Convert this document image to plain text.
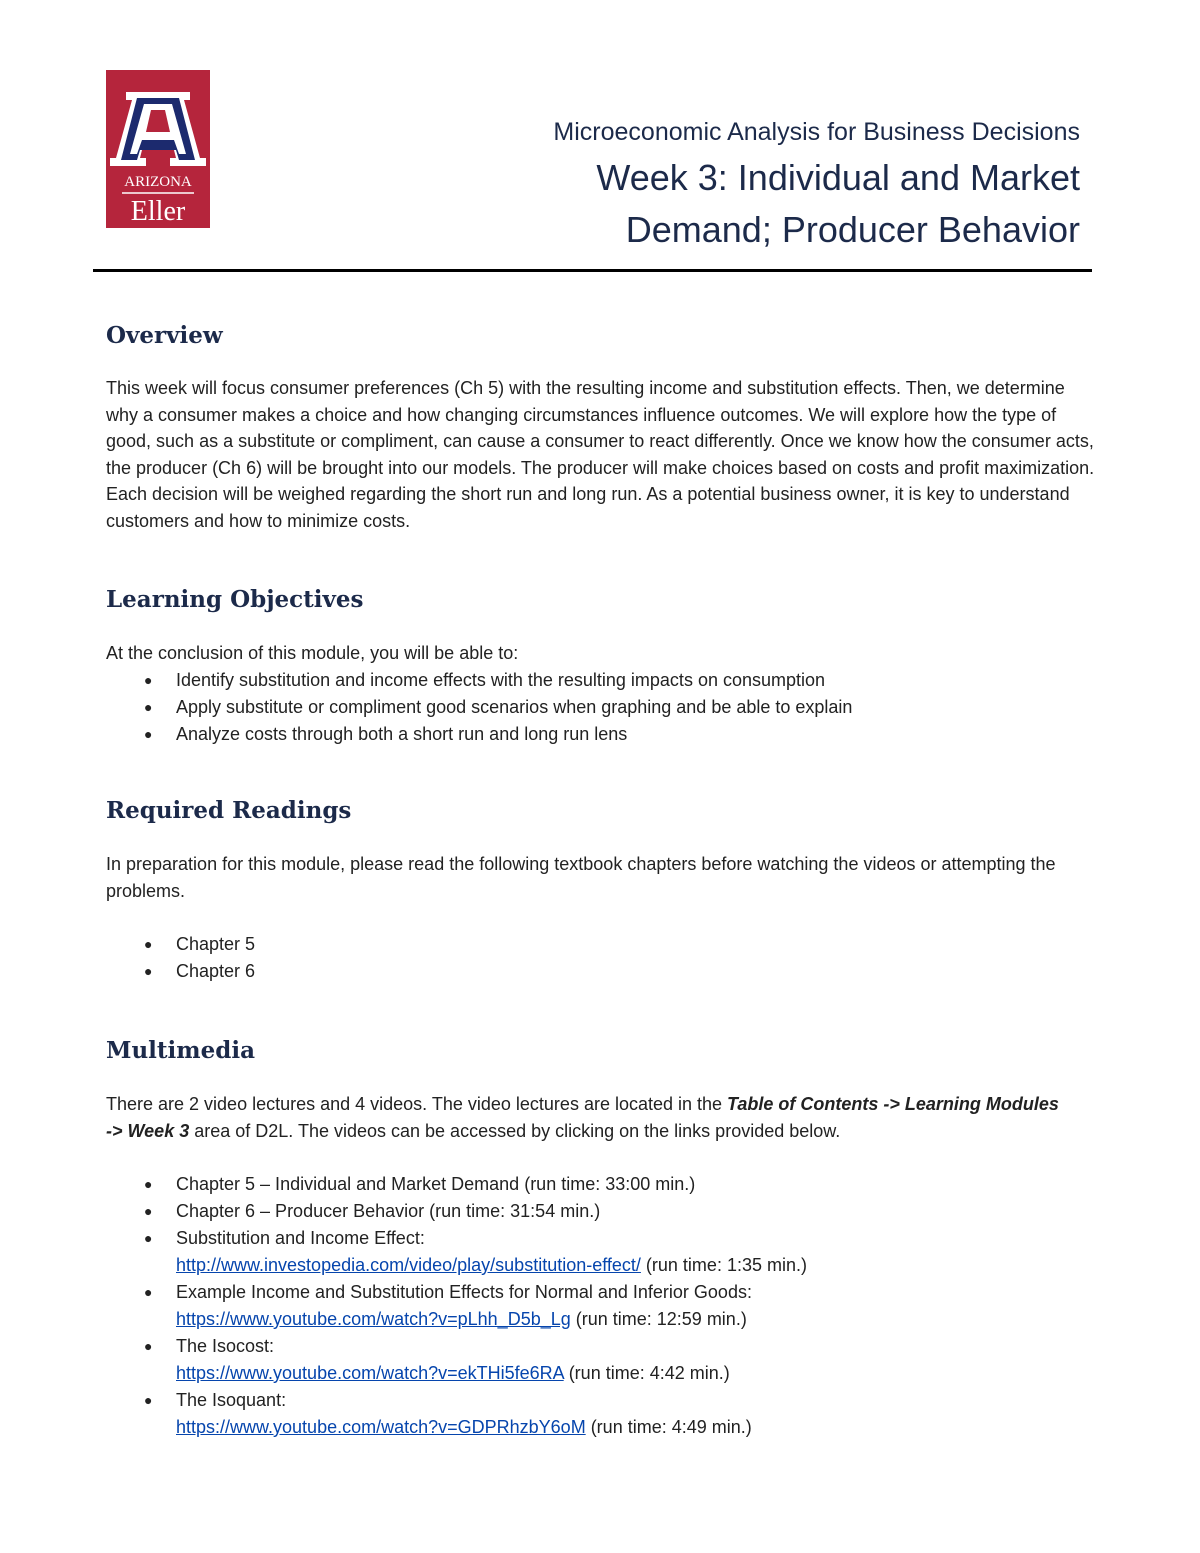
ARIZONA
Eller
Microeconomic Analysis for Business Decisions
Week 3: Individual and Market
Demand; Producer Behavior
Overview

This week will focus consumer preferences (Ch 5) with the resulting income and substitution effects. Then, we determine why a consumer makes a choice and how changing circumstances influence outcomes. We will explore how the type of good, such as a substitute or compliment, can cause a consumer to react differently. Once we know how the consumer acts, the producer (Ch 6) will be brought into our models. The producer will make choices based on costs and profit maximization. Each decision will be weighed regarding the short run and long run. As a potential business owner, it is key to understand customers and how to minimize costs.

Learning Objectives

At the conclusion of this module, you will be able to:

● Identify substitution and income effects with the resulting impacts on consumption
● Apply substitute or compliment good scenarios when graphing and be able to explain
● Analyze costs through both a short run and long run lens
Required Readings

In preparation for this module, please read the following textbook chapters before watching the videos or attempting the problems.

● Chapter 5
● Chapter 6
Multimedia

There are 2 video lectures and 4 videos. The video lectures are located in the Table of Contents -> Learning Modules -> Week 3 area of D2L. The videos can be accessed by clicking on the links provided below.

● Chapter 5 – Individual and Market Demand (run time: 33:00 min.)
● Chapter 6 – Producer Behavior (run time: 31:54 min.)
● Substitution and Income Effect:
http://www.investopedia.com/video/play/substitution-effect/ (run time: 1:35 min.)
● Example Income and Substitution Effects for Normal and Inferior Goods:
https://www.youtube.com/watch?v=pLhh_D5b_Lg (run time: 12:59 min.)
● The Isocost:
https://www.youtube.com/watch?v=ekTHi5fe6RA (run time: 4:42 min.)
● The Isoquant:
https://www.youtube.com/watch?v=GDPRhzbY6oM (run time: 4:49 min.)
